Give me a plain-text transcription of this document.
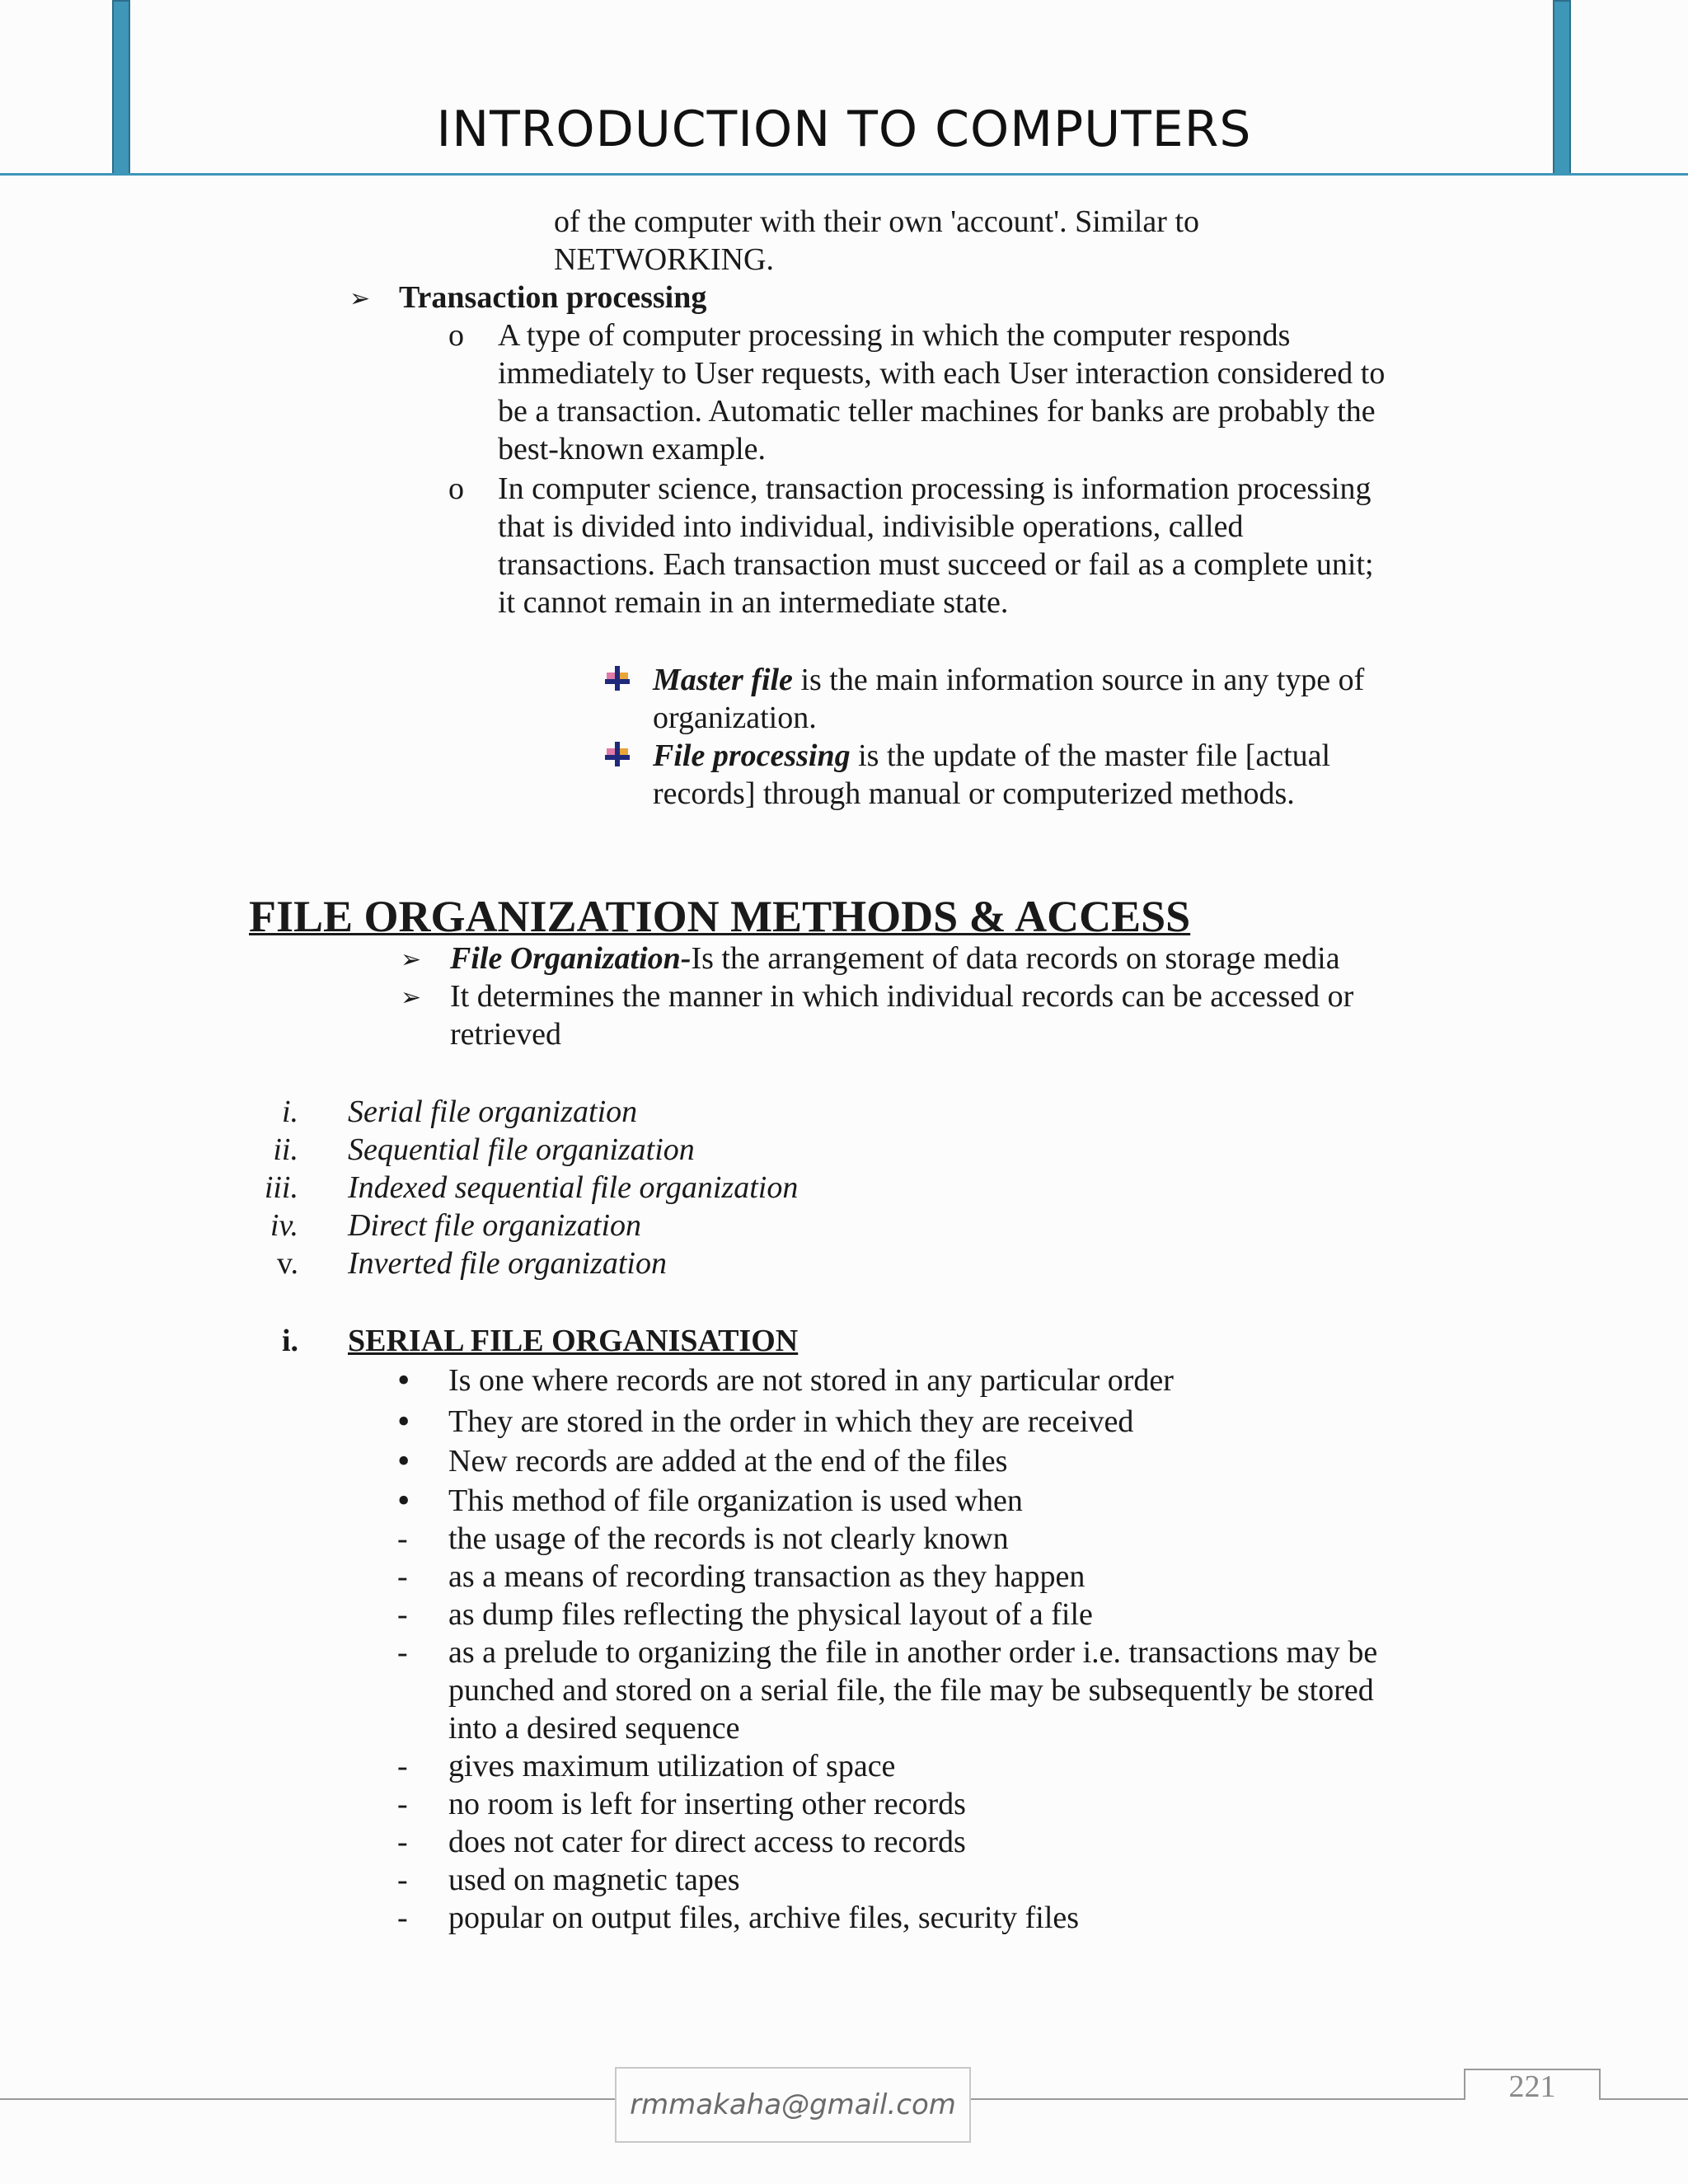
INTRODUCTION TO COMPUTERS
of the computer with their own 'account'. Similar to
NETWORKING.
➢ Transaction processing
o A type of computer processing in which the computer responds
immediately to User requests, with each User interaction considered to
be a transaction. Automatic teller machines for banks are probably the
best-known example.
o In computer science, transaction processing is information processing
that is divided into individual, indivisible operations, called
transactions. Each transaction must succeed or fail as a complete unit;
it cannot remain in an intermediate state.
Master file is the main information source in any type of
organization.
File processing is the update of the master file [actual
records] through manual or computerized methods.
FILE ORGANIZATION METHODS & ACCESS
➢ File Organization-Is the arrangement of data records on storage media
➢ It determines the manner in which individual records can be accessed or
retrieved
i. Serial file organization
ii. Sequential file organization
iii. Indexed sequential file organization
iv. Direct file organization
v. Inverted file organization
i. SERIAL FILE ORGANISATION
• Is one where records are not stored in any particular order
• They are stored in the order in which they are received
• New records are added at the end of the files
• This method of file organization is used when
- the usage of the records is not clearly known
- as a means of recording transaction as they happen
- as dump files reflecting the physical layout of a file
- as a prelude to organizing the file in another order i.e. transactions may be
punched and stored on a serial file, the file may be subsequently be stored
into a desired sequence
- gives maximum utilization of space
- no room is left for inserting other records
- does not cater for direct access to records
- used on magnetic tapes
- popular on output files, archive files, security files
rmmakaha@gmail.com
221
